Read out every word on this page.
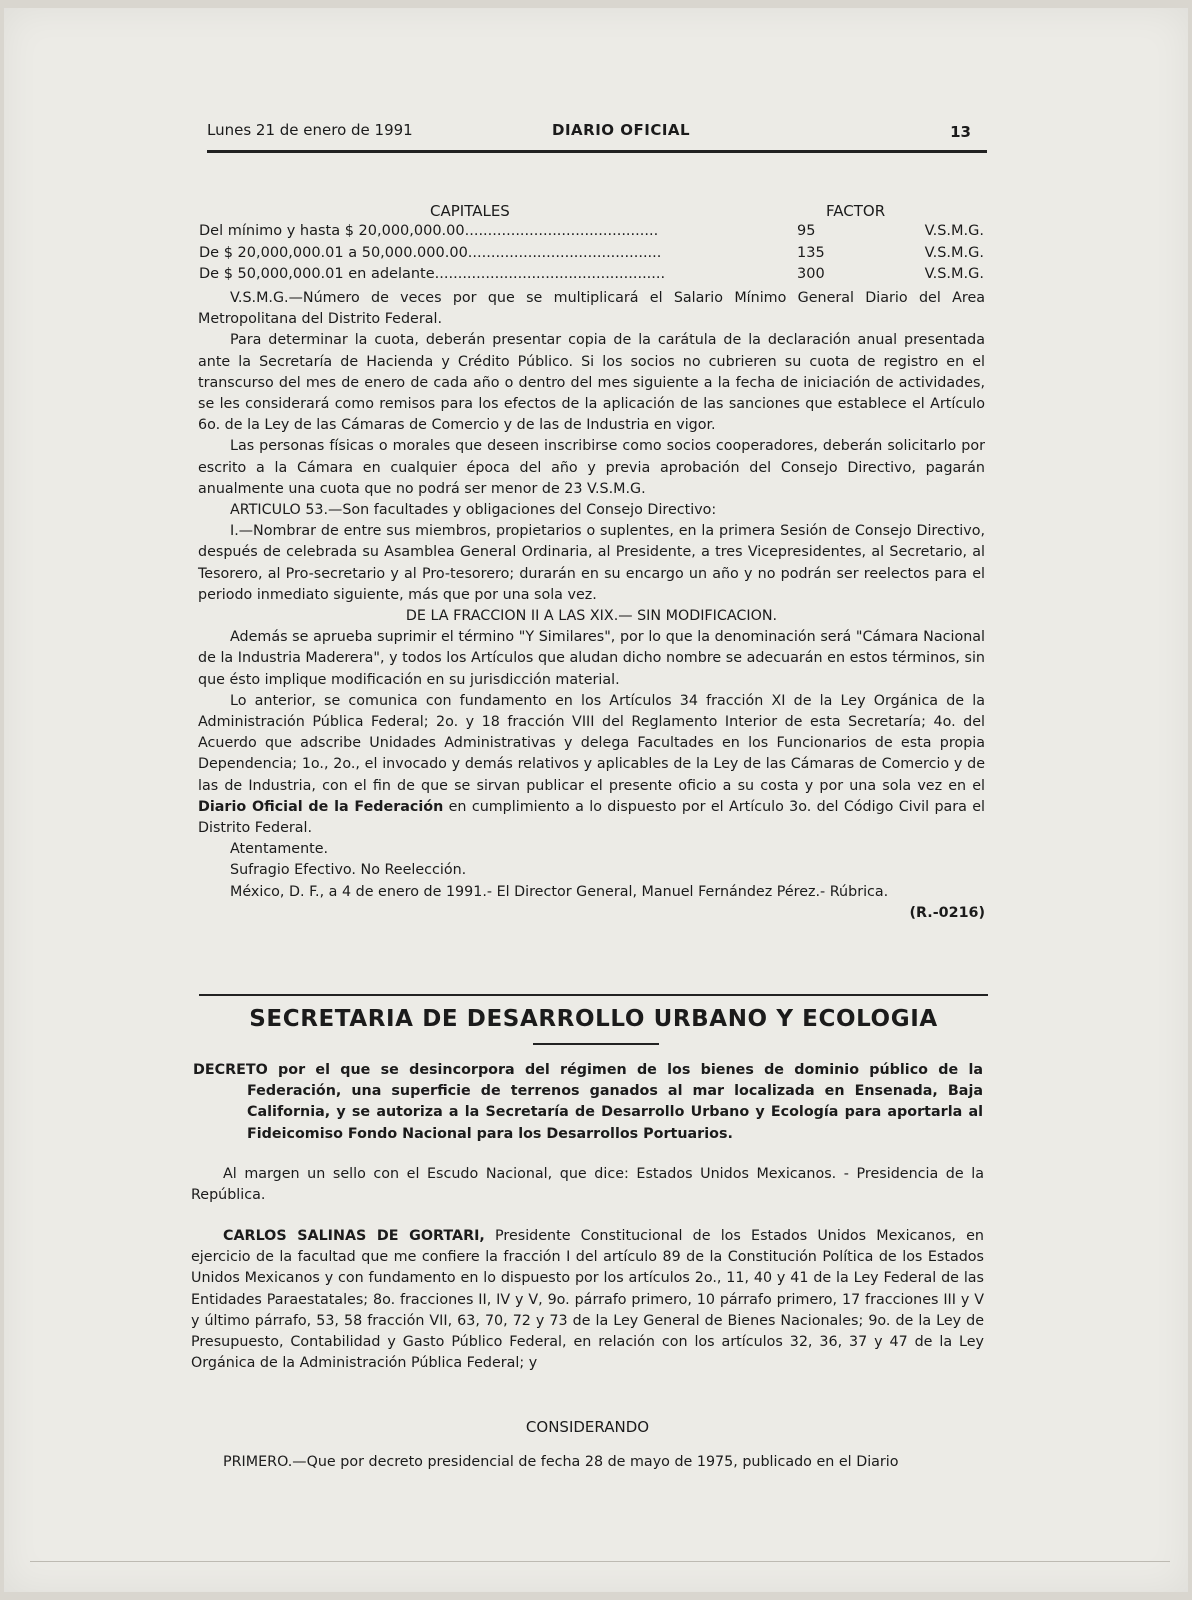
Lunes 21 de enero de 1991	DIARIO OFICIAL	13
CAPITALES	FACTOR
Del mínimo y hasta $ 20,000,000.00..........................................	95	V.S.M.G.
De $ 20,000,000.01 a 50,000.000.00..........................................	135	V.S.M.G.
De $ 50,000,000.01 en adelante..................................................	300	V.S.M.G.

V.S.M.G.—Número de veces por que se multiplicará el Salario Mínimo General Diario del Area Metropolitana del Distrito Federal.

Para determinar la cuota, deberán presentar copia de la carátula de la declaración anual presentada ante la Secretaría de Hacienda y Crédito Público. Si los socios no cubrieren su cuota de registro en el transcurso del mes de enero de cada año o dentro del mes siguiente a la fecha de iniciación de actividades, se les considerará como remisos para los efectos de la aplicación de las sanciones que establece el Artículo 6o. de la Ley de las Cámaras de Comercio y de las de Industria en vigor.

Las personas físicas o morales que deseen inscribirse como socios cooperadores, deberán solicitarlo por escrito a la Cámara en cualquier época del año y previa aprobación del Consejo Directivo, pagarán anualmente una cuota que no podrá ser menor de 23 V.S.M.G.

ARTICULO 53.—Son facultades y obligaciones del Consejo Directivo:

I.—Nombrar de entre sus miembros, propietarios o suplentes, en la primera Sesión de Consejo Directivo, después de celebrada su Asamblea General Ordinaria, al Presidente, a tres Vicepresidentes, al Secretario, al Tesorero, al Pro-secretario y al Pro-tesorero; durarán en su encargo un año y no podrán ser reelectos para el periodo inmediato siguiente, más que por una sola vez.

DE LA FRACCION II A LAS XIX.— SIN MODIFICACION.

Además se aprueba suprimir el término "Y Similares", por lo que la denominación será "Cámara Nacional de la Industria Maderera", y todos los Artículos que aludan dicho nombre se adecuarán en estos términos, sin que ésto implique modificación en su jurisdicción material.

Lo anterior, se comunica con fundamento en los Artículos 34 fracción XI de la Ley Orgánica de la Administración Pública Federal; 2o. y 18 fracción VIII del Reglamento Interior de esta Secretaría; 4o. del Acuerdo que adscribe Unidades Administrativas y delega Facultades en los Funcionarios de esta propia Dependencia; 1o., 2o., el invocado y demás relativos y aplicables de la Ley de las Cámaras de Comercio y de las de Industria, con el fin de que se sirvan publicar el presente oficio a su costa y por una sola vez en el Diario Oficial de la Federación en cumplimiento a lo dispuesto por el Artículo 3o. del Código Civil para el Distrito Federal.

Atentamente.

Sufragio Efectivo. No Reelección.

México, D. F., a 4 de enero de 1991.- El Director General, Manuel Fernández Pérez.- Rúbrica.

(R.-0216)

SECRETARIA DE DESARROLLO URBANO Y ECOLOGIA
DECRETO por el que se desincorpora del régimen de los bienes de dominio público de la Federación, una superficie de terrenos ganados al mar localizada en Ensenada, Baja California, y se autoriza a la Secretaría de Desarrollo Urbano y Ecología para aportarla al Fideicomiso Fondo Nacional para los Desarrollos Portuarios.

Al margen un sello con el Escudo Nacional, que dice: Estados Unidos Mexicanos. - Presidencia de la República.

CARLOS SALINAS DE GORTARI, Presidente Constitucional de los Estados Unidos Mexicanos, en ejercicio de la facultad que me confiere la fracción I del artículo 89 de la Constitución Política de los Estados Unidos Mexicanos y con fundamento en lo dispuesto por los artículos 2o., 11, 40 y 41 de la Ley Federal de las Entidades Paraestatales; 8o. fracciones II, IV y V, 9o. párrafo primero, 10 párrafo primero, 17 fracciones III y V y último párrafo, 53, 58 fracción VII, 63, 70, 72 y 73 de la Ley General de Bienes Nacionales; 9o. de la Ley de Presupuesto, Contabilidad y Gasto Público Federal, en relación con los artículos 32, 36, 37 y 47 de la Ley Orgánica de la Administración Pública Federal; y

CONSIDERANDO
PRIMERO.—Que por decreto presidencial de fecha 28 de mayo de 1975, publicado en el Diario
